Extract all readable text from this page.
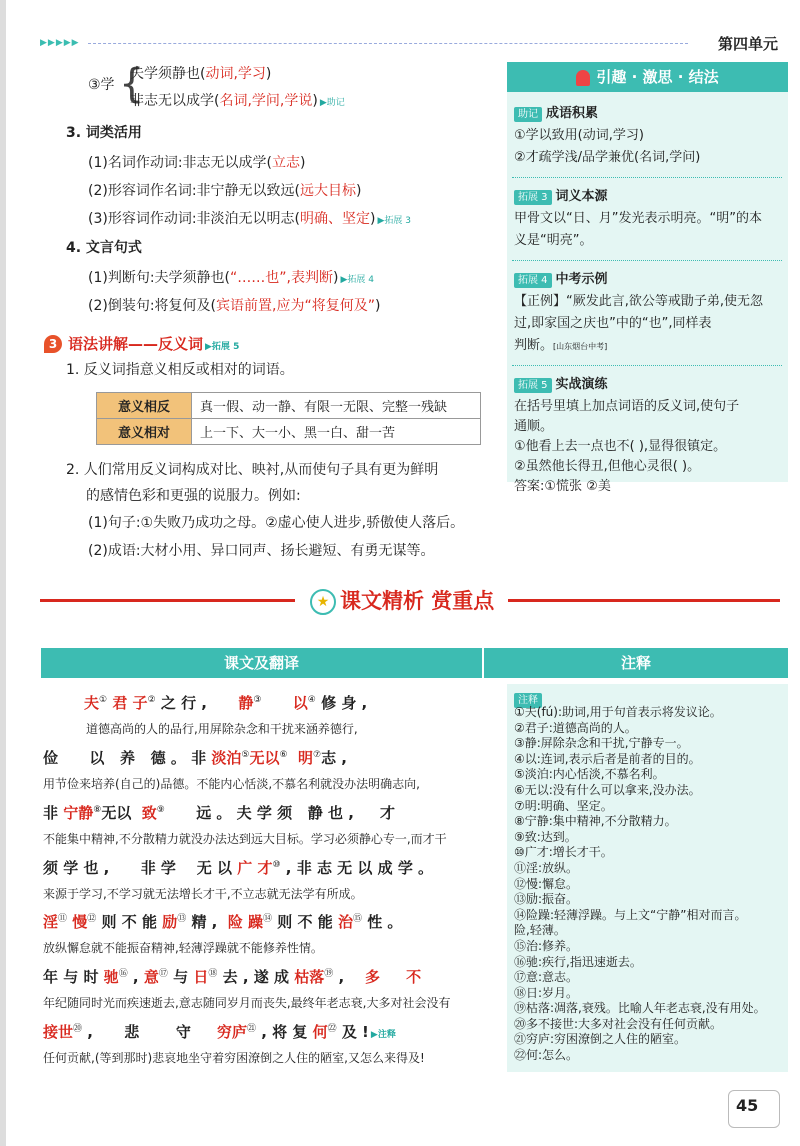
▶▶▶▶▶	第四单元
③学 {
夫学须静也(动词,学习)
非志无以成学(名词,学问,学说) ▶助记
3. 词类活用
(1)名词作动词:非志无以成学(立志)
(2)形容词作名词:非宁静无以致远(远大目标)
(3)形容词作动词:非淡泊无以明志(明确、坚定) ▶拓展 3
4. 文言句式
(1)判断句:夫学须静也(“……也”,表判断) ▶拓展 4
(2)倒装句:将复何及(宾语前置,应为“将复何及”)
3 语法讲解——反义词 ▶拓展 5
1. 反义词指意义相反或相对的词语。
意义相反	真一假、动一静、有限一无限、完整一残缺
意义相对	上一下、大一小、黑一白、甜一苦
2. 人们常用反义词构成对比、映衬,从而使句子具有更为鲜明
的感情色彩和更强的说服力。例如:
(1)句子:①失败乃成功之母。②虚心使人进步,骄傲使人落后。
(2)成语:大材小用、异口同声、扬长避短、有勇无谋等。
引趣 · 激思 · 结法
助记 成语积累
①学以致用(动词,学习)
②才疏学浅/品学兼优(名词,学问)
拓展 3 词义本源
甲骨文以“日、月”发光表示明亮。“明”的本
义是“明亮”。
拓展 4 中考示例
【正例】“厥发此言,欲公等戒勖子弟,使无忽
过,即家国之庆也”中的“也”,同样表
判断。[山东烟台中考]
拓展 5 实战演练
在括号里填上加点词语的反义词,使句子
通顺。
①他看上去一点也不( ),显得很镇定。
②虽然他长得丑,但他心灵很( )。
答案:①慌张 ②美
★ 课文精析 赏重点
课文及翻译	注释
夫① 君 子② 之 行 ,      静③ 以④ 修 身 ,
道德高尚的人的品行,用屏除杂念和干扰来涵养德行,
俭      以   养   德 。 非 淡泊⑤无以⑥ 明⑦志 ,
用节俭来培养(自己的)品德。不能内心恬淡,不慕名利就没办法明确志向,
非 宁静⑧无以  致⑨      远 。 夫 学 须   静 也 ,     才
不能集中精神,不分散精力就没办法达到远大目标。学习必须静心专一,而才干
须 学 也 ,      非 学    无 以 广 才⑩ , 非 志 无 以 成 学 。
来源于学习,不学习就无法增长才干,不立志就无法学有所成。
淫⑪ 慢⑫ 则 不 能 励⑬ 精 ,  险 躁⑭ 则 不 能 治⑮ 性 。
放纵懈怠就不能振奋精神,轻薄浮躁就不能修养性情。
年 与 时 驰⑯ , 意⑰ 与 日⑱ 去 , 遂 成 枯落⑲ ,    多     不
年纪随同时光而疾速逝去,意志随同岁月而丧失,最终年老志衰,大多对社会没有
接世⑳ ,      悲       守     穷庐$^㉑$ , 将 复 何$^㉒$ 及 ! ▶注释
任何贡献,(等到那时)悲哀地坐守着穷困潦倒之人住的陋室,又怎么来得及!
注释
①夫(fú):助词,用于句首表示将发议论。
②君子:道德高尚的人。
③静:屏除杂念和干扰,宁静专一。
④以:连词,表示后者是前者的目的。
⑤淡泊:内心恬淡,不慕名利。
⑥无以:没有什么可以拿来,没办法。
⑦明:明确、坚定。
⑧宁静:集中精神,不分散精力。
⑨致:达到。
⑩广才:增长才干。
⑪淫:放纵。
⑫慢:懈怠。
⑬励:振奋。
⑭险躁:轻薄浮躁。与上文“宁静”相对而言。
险,轻薄。
⑮治:修养。
⑯驰:疾行,指迅速逝去。
⑰意:意志。
⑱日:岁月。
⑲枯落:凋落,衰残。比喻人年老志衰,没有用处。
⑳多不接世:大多对社会没有任何贡献。
㉑穷庐:穷困潦倒之人住的陋室。
㉒何:怎么。
45
